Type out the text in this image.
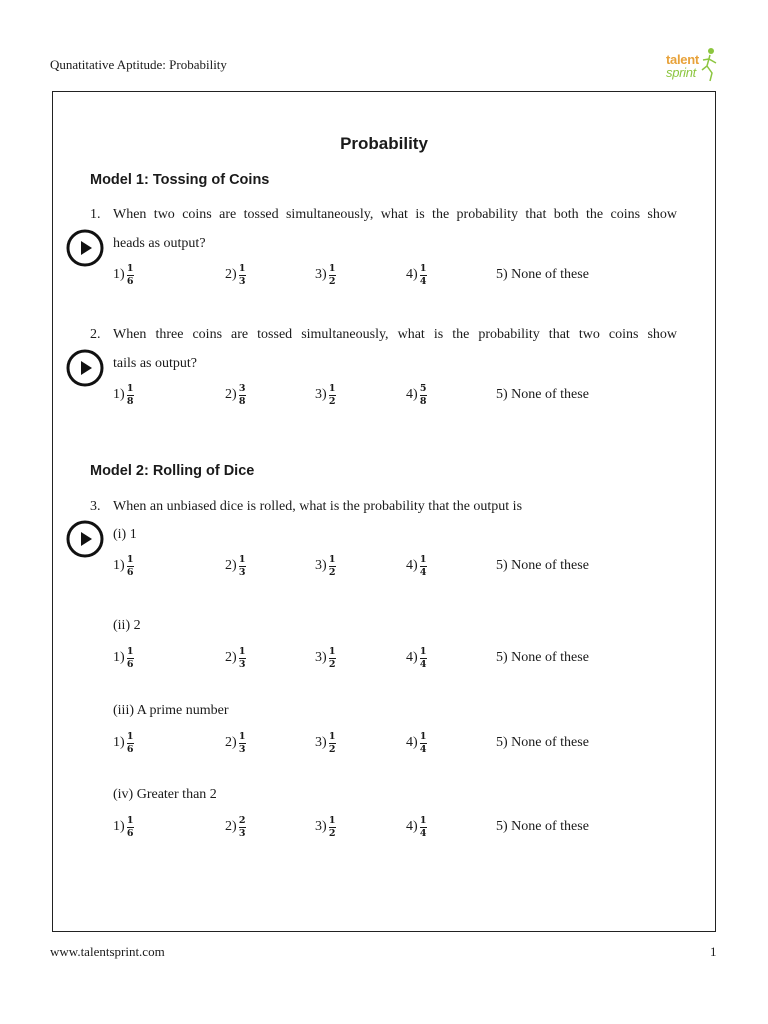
Qunatitative Aptitude: Probability	talent
sprint
Probability
Model 1: Tossing of Coins
1. When two coins are tossed simultaneously, what is the probability that both the coins show
heads as output?
$1) \frac{1}{6}$	$2) \frac{1}{3}$	$3) \frac{1}{2}$	$4) \frac{1}{4}$	5) None of these
2. When three coins are tossed simultaneously, what is the probability that two coins show
tails as output?
$1) \frac{1}{8}$	$2) \frac{3}{8}$	$3) \frac{1}{2}$	$4) \frac{5}{8}$	5) None of these
Model 2: Rolling of Dice
3. When an unbiased dice is rolled, what is the probability that the output is
(i) 1
$1) \frac{1}{6}$	$2) \frac{1}{3}$	$3) \frac{1}{2}$	$4) \frac{1}{4}$	5) None of these
(ii) 2
$1) \frac{1}{6}$	$2) \frac{1}{3}$	$3) \frac{1}{2}$	$4) \frac{1}{4}$	5) None of these
(iii) A prime number
$1) \frac{1}{6}$	$2) \frac{1}{3}$	$3) \frac{1}{2}$	$4) \frac{1}{4}$	5) None of these
(iv) Greater than 2
$1) \frac{1}{6}$	$2) \frac{2}{3}$	$3) \frac{1}{2}$	$4) \frac{1}{4}$	5) None of these
www.talentsprint.com	1
